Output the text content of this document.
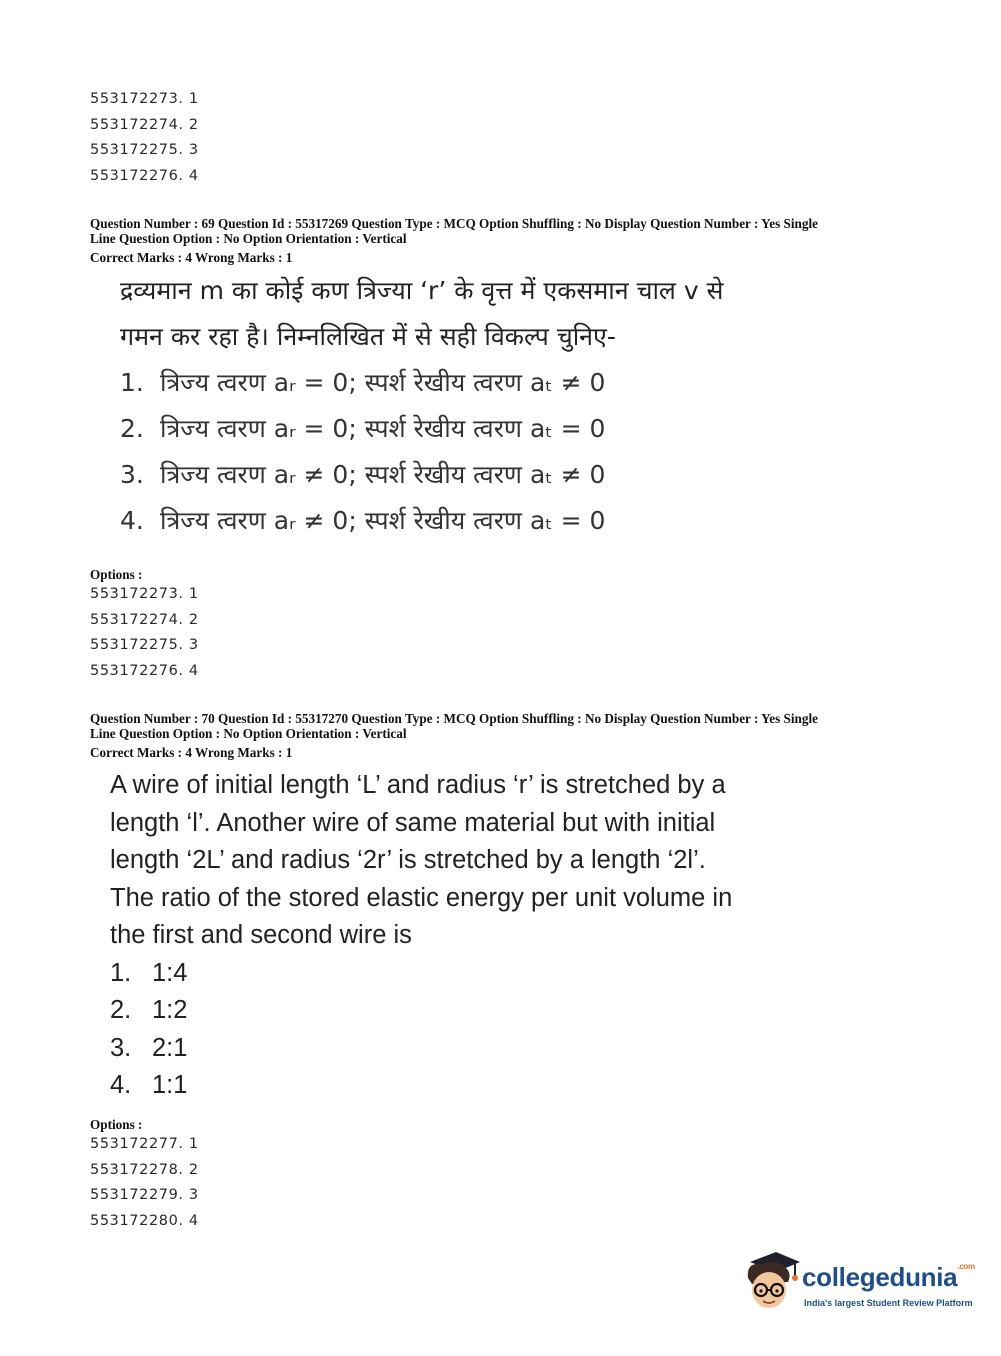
553172273. 1
553172274. 2
553172275. 3
553172276. 4
Question Number : 69 Question Id : 55317269 Question Type : MCQ Option Shuffling : No Display Question Number : Yes Single
Line Question Option : No Option Orientation : Vertical
Correct Marks : 4 Wrong Marks : 1
द्रव्यमान m का कोई कण त्रिज्या ‘r’ के वृत्त में एकसमान चाल v से
गमन कर रहा है। निम्नलिखित में से सही विकल्प चुनिए-
1. त्रिज्य त्वरण aᵣ = 0; स्पर्श रेखीय त्वरण aₜ ≠ 0
2. त्रिज्य त्वरण aᵣ = 0; स्पर्श रेखीय त्वरण aₜ = 0
3. त्रिज्य त्वरण aᵣ ≠ 0; स्पर्श रेखीय त्वरण aₜ ≠ 0
4. त्रिज्य त्वरण aᵣ ≠ 0; स्पर्श रेखीय त्वरण aₜ = 0
Options :
553172273. 1
553172274. 2
553172275. 3
553172276. 4
Question Number : 70 Question Id : 55317270 Question Type : MCQ Option Shuffling : No Display Question Number : Yes Single
Line Question Option : No Option Orientation : Vertical
Correct Marks : 4 Wrong Marks : 1
A wire of initial length ‘L’ and radius ‘r’ is stretched by a
length ‘l’. Another wire of same material but with initial
length ‘2L’ and radius ‘2r’ is stretched by a length ‘2l’.
The ratio of the stored elastic energy per unit volume in
the first and second wire is
1. 1:4
2. 1:2
3. 2:1
4. 1:1
Options :
553172277. 1
553172278. 2
553172279. 3
553172280. 4
collegedunia$^{.com}$
India's largest Student Review Platform
